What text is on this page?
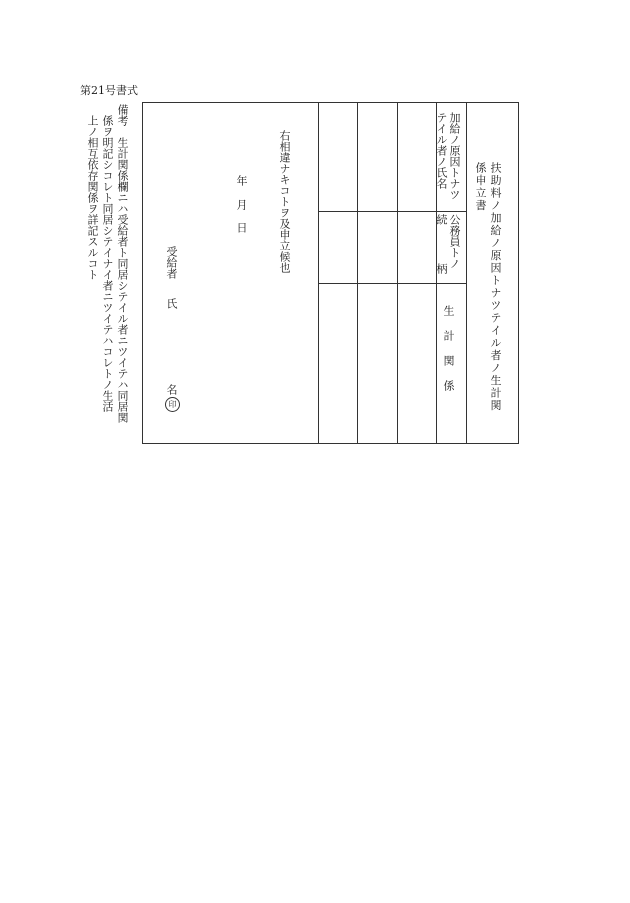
第21号書式
扶助料ノ加給ノ原因トナツテイル者ノ生計関
係申立書
加給ノ原因トナツ
テイル者ノ氏名
公務員トノ
続
柄
生計関係
右相違ナキコトヲ及申立候也
年
月
日
受給者
氏
名
印
備考　生計関係欄ニハ受給者ト同居シテイル者ニツイテハ同居関
係ヲ明記シコレト同居シテイナイ者ニツイテハコレトノ生活
上ノ相互依存関係ヲ詳記スルコト
